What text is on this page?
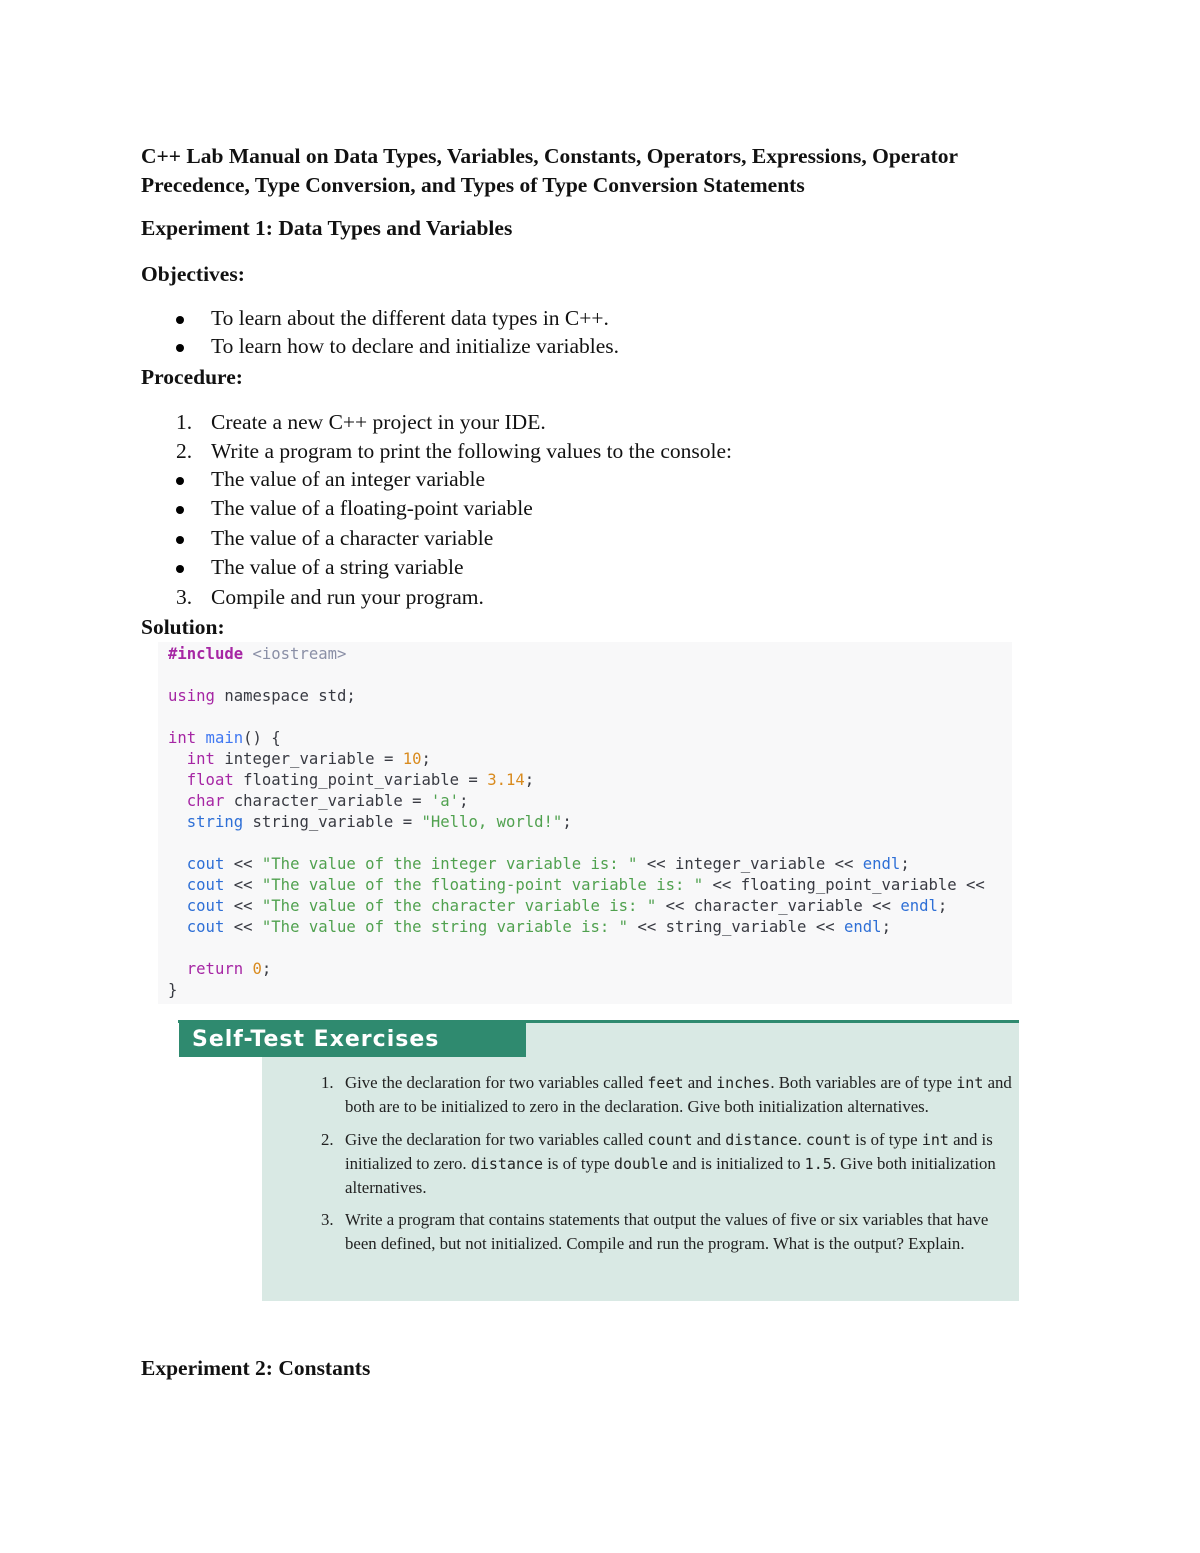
C++ Lab Manual on Data Types, Variables, Constants, Operators, Expressions, Operator Precedence, Type Conversion, and Types of Type Conversion Statements
Experiment 1: Data Types and Variables
Objectives:
To learn about the different data types in C++.
To learn how to declare and initialize variables.
Procedure:
1. Create a new C++ project in your IDE.
2. Write a program to print the following values to the console:
The value of an integer variable
The value of a floating-point variable
The value of a character variable
The value of a string variable
3. Compile and run your program.
Solution:
#include <iostream>

using namespace std;

int main() {
int integer_variable = 10;
float floating_point_variable = 3.14;
char character_variable = 'a';
string string_variable = "Hello, world!";

cout << "The value of the integer variable is: " << integer_variable << endl;
cout << "The value of the floating-point variable is: " << floating_point_variable <<
cout << "The value of the character variable is: " << character_variable << endl;
cout << "The value of the string variable is: " << string_variable << endl;

return 0;
}
Self-Test Exercises
1. Give the declaration for two variables called feet and inches. Both variables are of type int and both are to be initialized to zero in the declaration. Give both initialization alternatives.
2. Give the declaration for two variables called count and distance. count is of type int and is initialized to zero. distance is of type double and is initialized to 1.5. Give both initialization alternatives.
3. Write a program that contains statements that output the values of five or six variables that have been defined, but not initialized. Compile and run the program. What is the output? Explain.
Experiment 2: Constants
